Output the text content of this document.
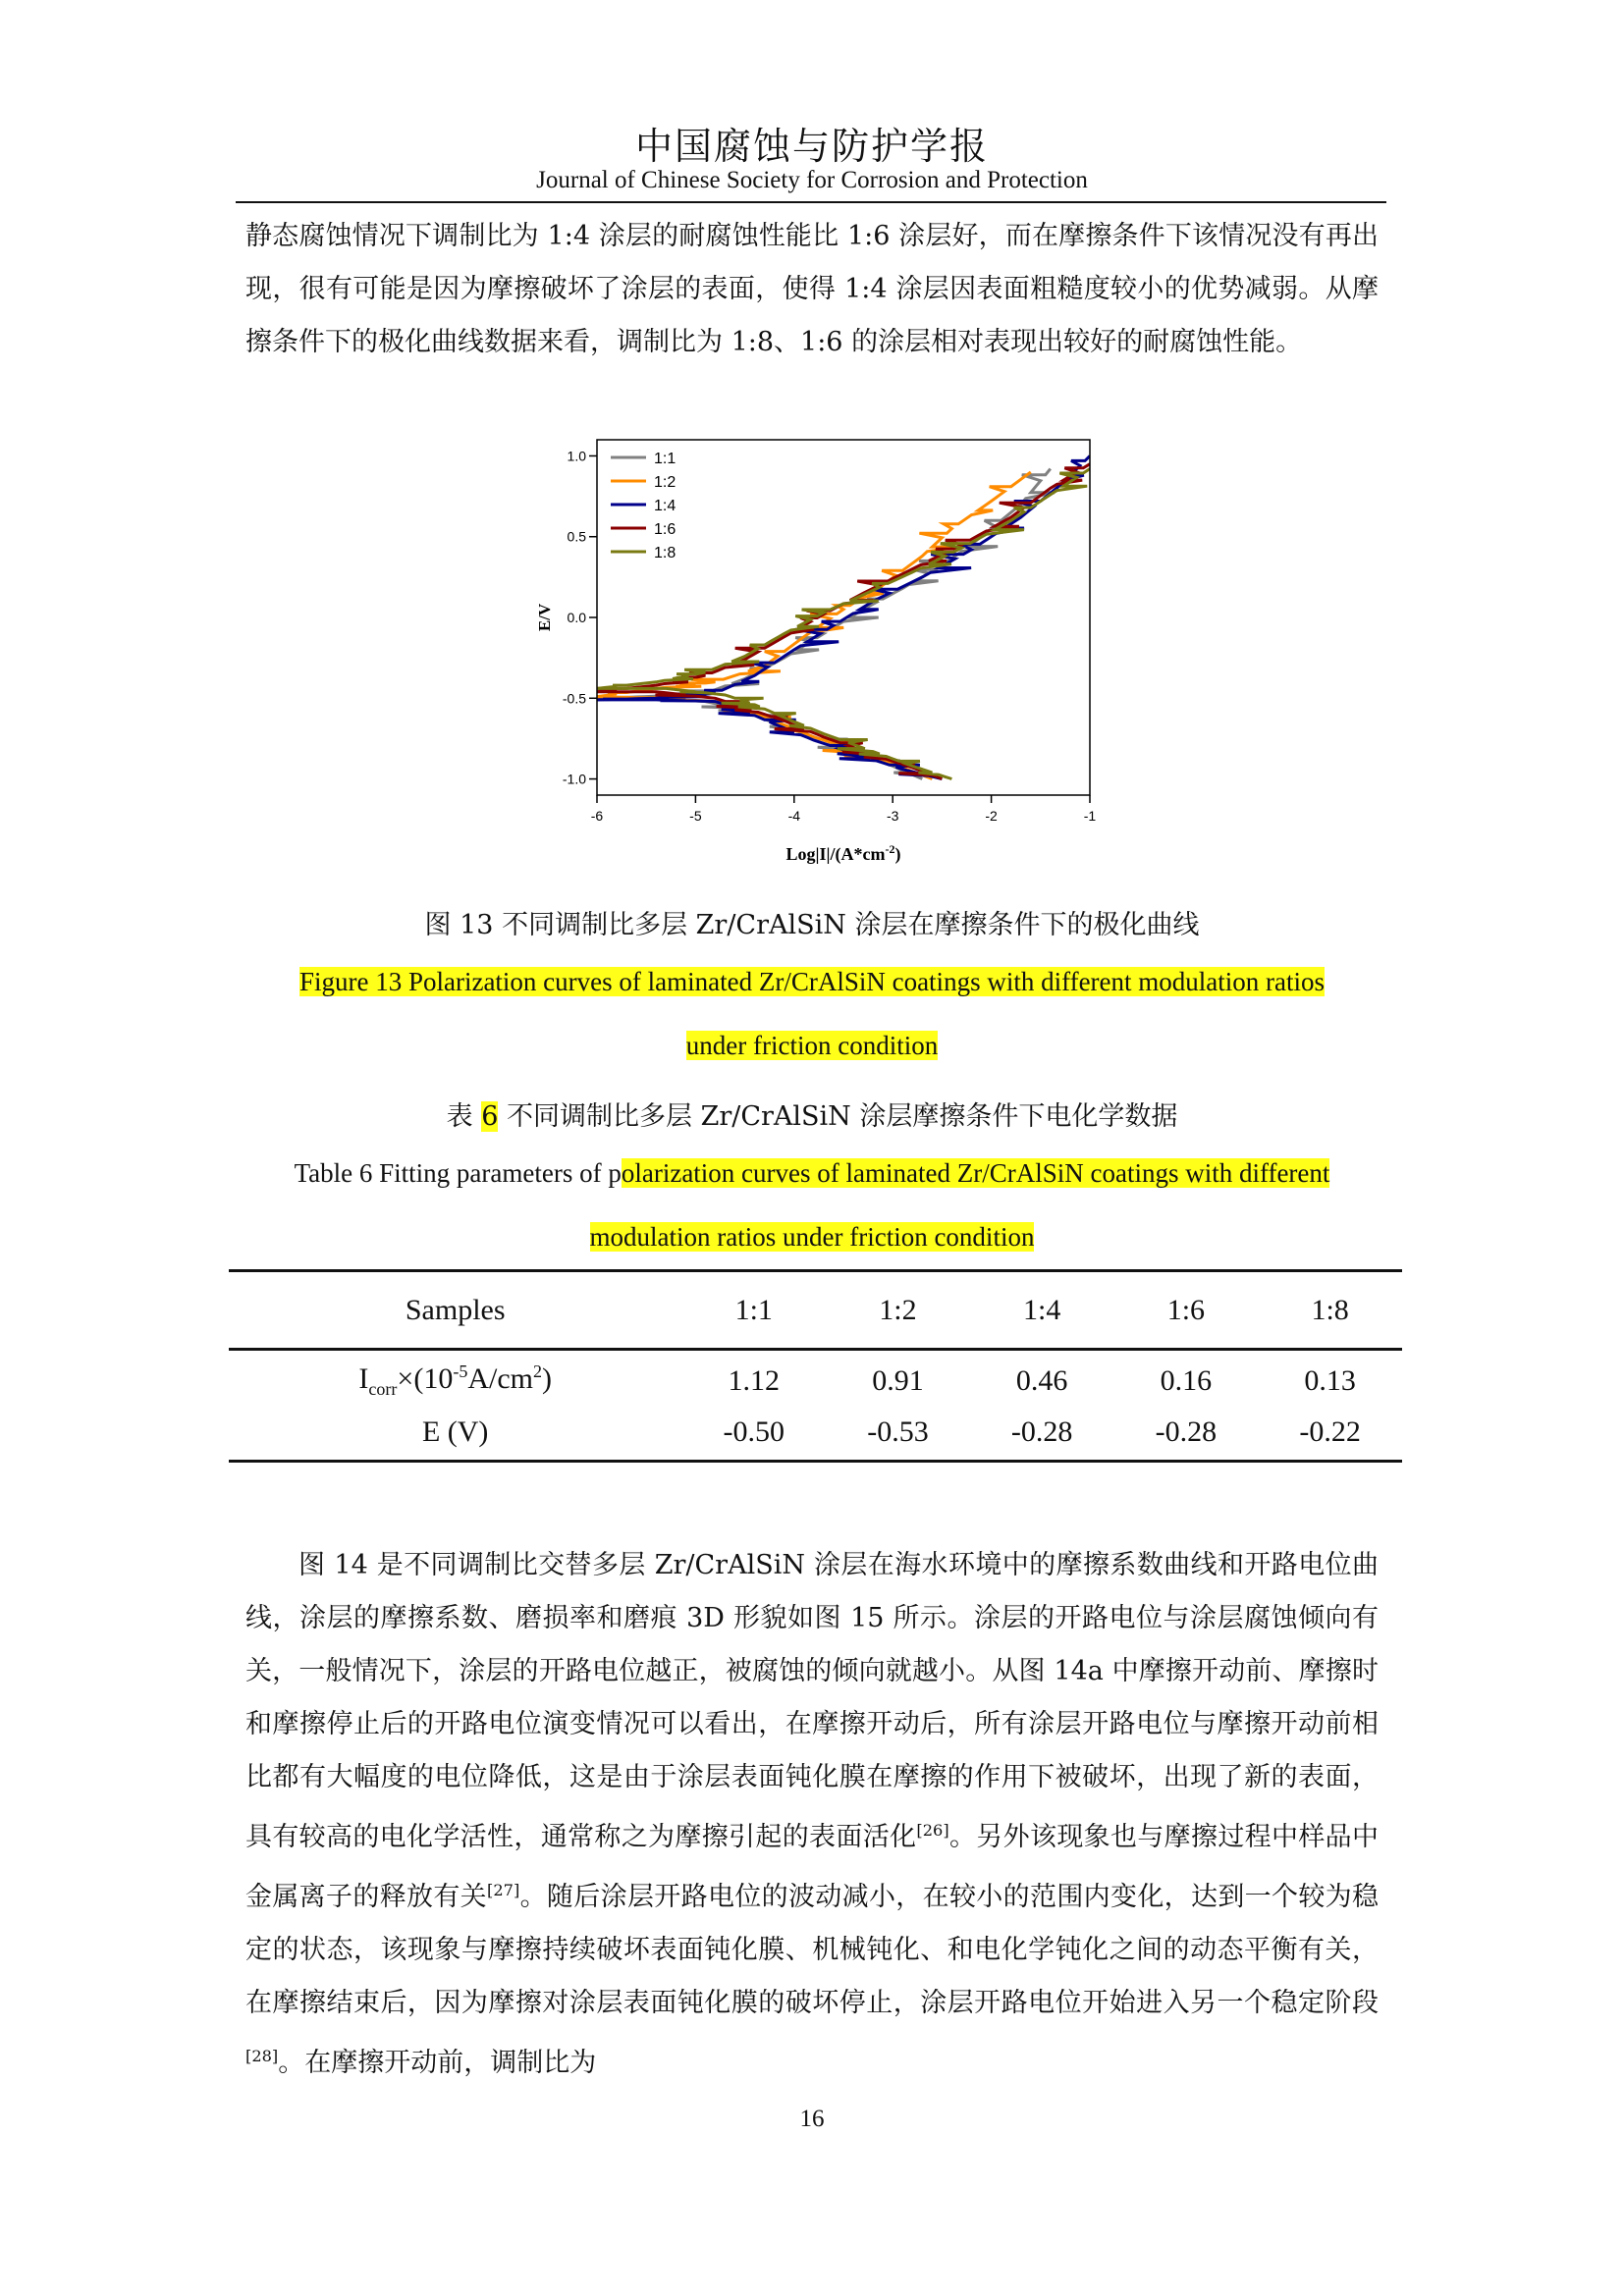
中国腐蚀与防护学报
Journal of Chinese Society for Corrosion and Protection
静态腐蚀情况下调制比为 1:4 涂层的耐腐蚀性能比 1:6 涂层好，而在摩擦条件下该情况没有再出现，很有可能是因为摩擦破坏了涂层的表面，使得 1:4 涂层因表面粗糙度较小的优势减弱。从摩擦条件下的极化曲线数据来看，调制比为 1:8、1:6 的涂层相对表现出较好的耐腐蚀性能。
-6	-5	-4	-3	-2	-1
-1.0
-0.5
0.0
0.5
1.0
E/V
$Log|I|/(A*cm^{-2})$
1:1
1:2
1:4
1:6
1:8
图 13 不同调制比多层 Zr/CrAlSiN 涂层在摩擦条件下的极化曲线
Figure 13 Polarization curves of laminated Zr/CrAlSiN coatings with different modulation ratios
under friction condition
表 6 不同调制比多层 Zr/CrAlSiN 涂层摩擦条件下电化学数据
Table 6 Fitting parameters of polarization curves of laminated Zr/CrAlSiN coatings with different
modulation ratios under friction condition
Samples	1:1	1:2	1:4	1:6	1:8
$I_{corr}\times(10^{-5}A/cm^2)$	1.12	0.91	0.46	0.16	0.13
E (V)	-0.50	-0.53	-0.28	-0.28	-0.22
图 14 是不同调制比交替多层 Zr/CrAlSiN 涂层在海水环境中的摩擦系数曲线和开路电位曲线，涂层的摩擦系数、磨损率和磨痕 3D 形貌如图 15 所示。涂层的开路电位与涂层腐蚀倾向有关，一般情况下，涂层的开路电位越正，被腐蚀的倾向就越小。从图 14a 中摩擦开动前、摩擦时和摩擦停止后的开路电位演变情况可以看出，在摩擦开动后，所有涂层开路电位与摩擦开动前相比都有大幅度的电位降低，这是由于涂层表面钝化膜在摩擦的作用下被破坏，出现了新的表面，具有较高的电化学活性，通常称之为摩擦引起的表面活化[26]。另外该现象也与摩擦过程中样品中金属离子的释放有关[27]。随后涂层开路电位的波动减小，在较小的范围内变化，达到一个较为稳定的状态，该现象与摩擦持续破坏表面钝化膜、机械钝化、和电化学钝化之间的动态平衡有关，在摩擦结束后，因为摩擦对涂层表面钝化膜的破坏停止，涂层开路电位开始进入另一个稳定阶段[28]。在摩擦开动前，调制比为
16
